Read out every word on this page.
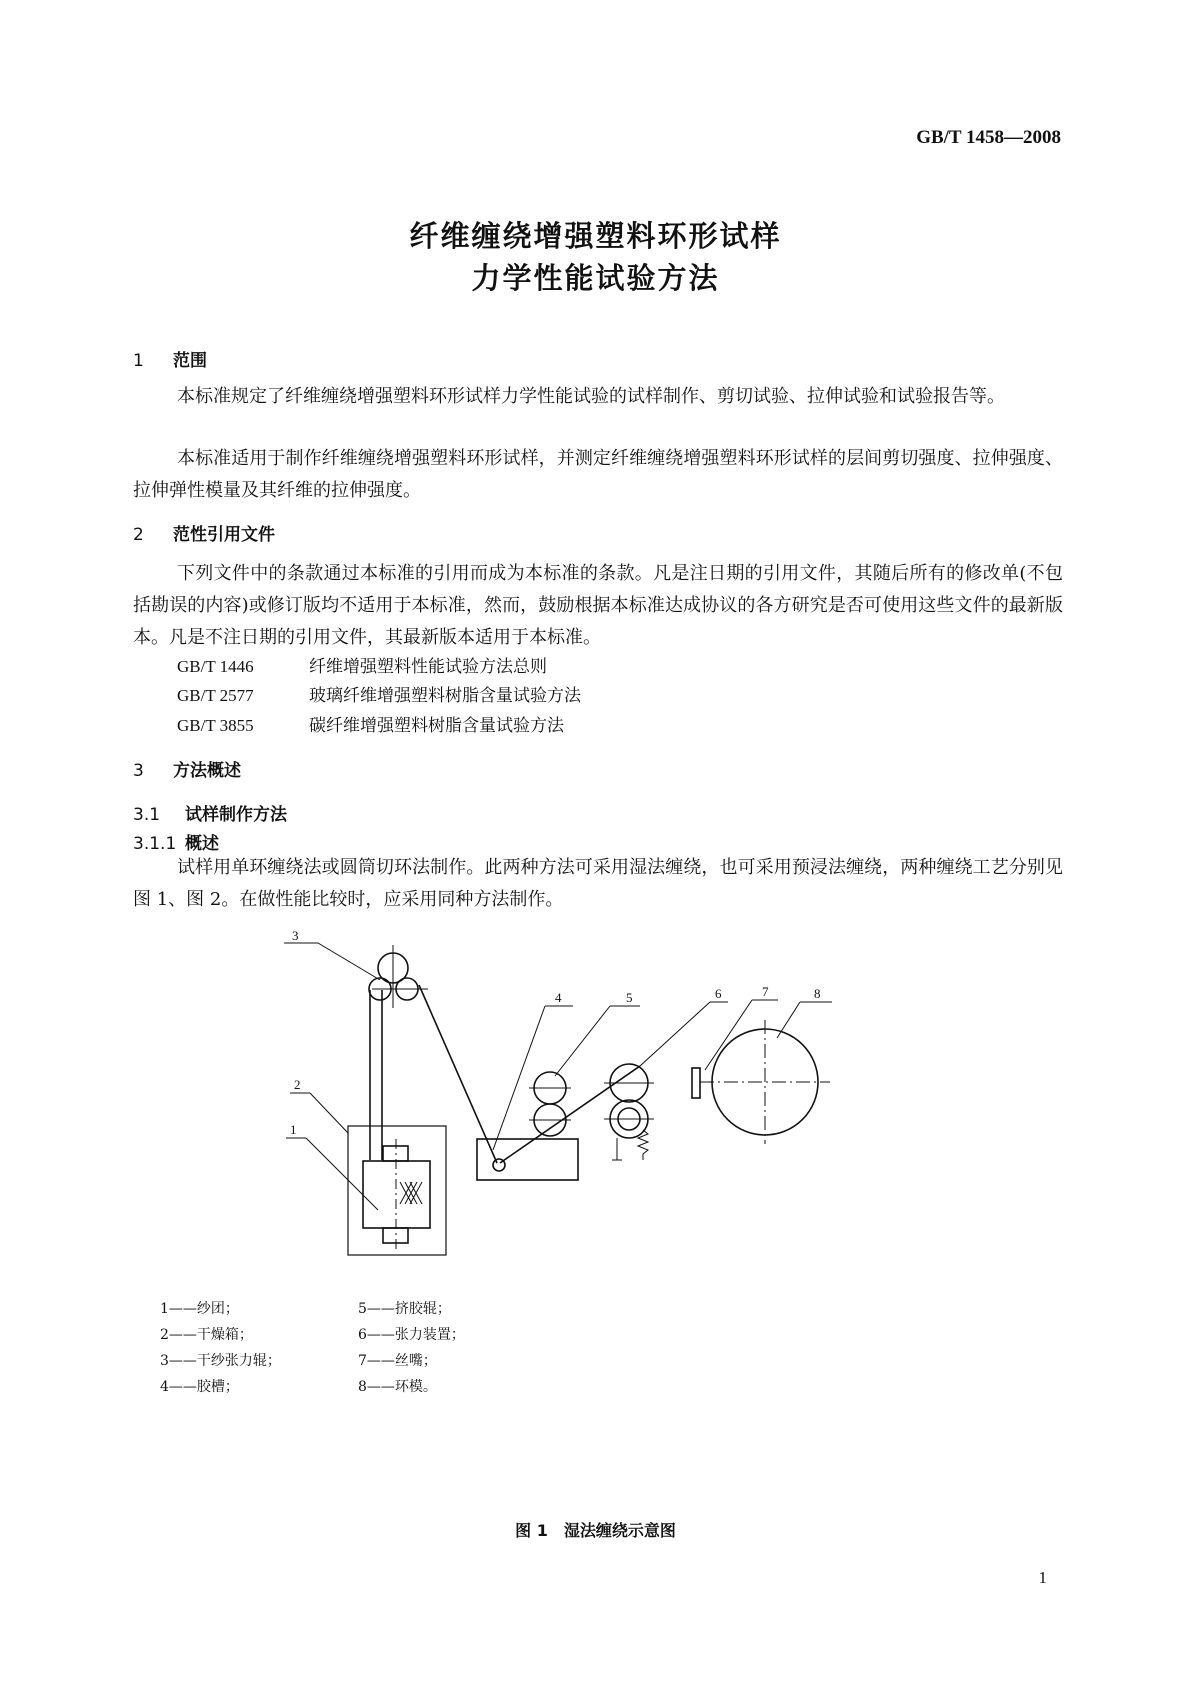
GB/T 1458—2008
纤维缠绕增强塑料环形试样
力学性能试验方法
1 范围
本标准规定了纤维缠绕增强塑料环形试样力学性能试验的试样制作、剪切试验、拉伸试验和试验报告等。
本标准适用于制作纤维缠绕增强塑料环形试样，并测定纤维缠绕增强塑料环形试样的层间剪切强度、拉伸强度、拉伸弹性模量及其纤维的拉伸强度。
2 范性引用文件
下列文件中的条款通过本标准的引用而成为本标准的条款。凡是注日期的引用文件，其随后所有的修改单(不包括勘误的内容)或修订版均不适用于本标准，然而，鼓励根据本标准达成协议的各方研究是否可使用这些文件的最新版本。凡是不注日期的引用文件，其最新版本适用于本标准。
GB/T 1446	纤维增强塑料性能试验方法总则
GB/T 2577	玻璃纤维增强塑料树脂含量试验方法
GB/T 3855	碳纤维增强塑料树脂含量试验方法
3 方法概述
3.1 试样制作方法
3.1.1 概述
试样用单环缠绕法或圆筒切环法制作。此两种方法可采用湿法缠绕，也可采用预浸法缠绕，两种缠绕工艺分别见图 1、图 2。在做性能比较时，应采用同种方法制作。
3
2
1
4	5	6	7	8
1——纱团；
2——干燥箱；
3——干纱张力辊；
4——胶槽；
5——挤胶辊；
6——张力装置；
7——丝嘴；
8——环模。
图 1　湿法缠绕示意图
1
